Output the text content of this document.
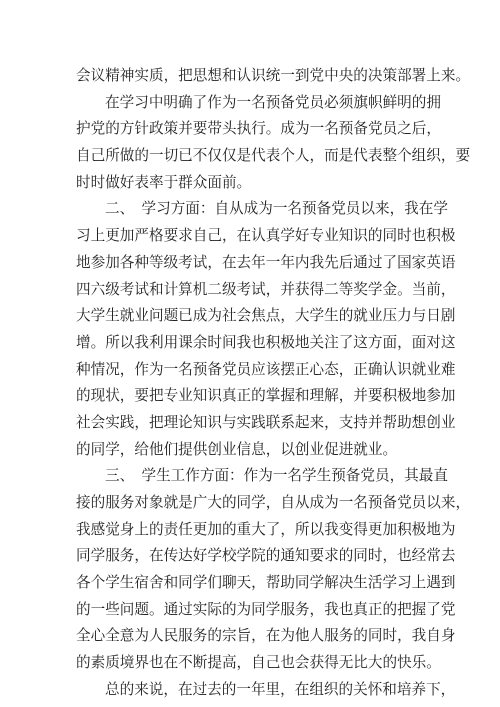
会议精神实质，把思想和认识统一到党中央的决策部署上来。
在学习中明确了作为一名预备党员必须旗帜鲜明的拥
护党的方针政策并要带头执行。成为一名预备党员之后，
自己所做的一切已不仅仅是代表个人，而是代表整个组织，要
时时做好表率于群众面前。
二、　学习方面：自从成为一名预备党员以来，我在学
习上更加严格要求自己，在认真学好专业知识的同时也积极
地参加各种等级考试，在去年一年内我先后通过了国家英语
四六级考试和计算机二级考试，并获得二等奖学金。当前，
大学生就业问题已成为社会焦点，大学生的就业压力与日剧
增。所以我利用课余时间我也积极地关注了这方面，面对这
种情况，作为一名预备党员应该摆正心态，正确认识就业难
的现状，要把专业知识真正的掌握和理解，并要积极地参加
社会实践，把理论知识与实践联系起来，支持并帮助想创业
的同学，给他们提供创业信息，以创业促进就业。
三、　学生工作方面：作为一名学生预备党员，其最直
接的服务对象就是广大的同学，自从成为一名预备党员以来，
我感觉身上的责任更加的重大了，所以我变得更加积极地为
同学服务，在传达好学校学院的通知要求的同时，也经常去
各个学生宿舍和同学们聊天，帮助同学解决生活学习上遇到
的一些问题。通过实际的为同学服务，我也真正的把握了党
全心全意为人民服务的宗旨，在为他人服务的同时，我自身
的素质境界也在不断提高，自己也会获得无比大的快乐。
总的来说，在过去的一年里，在组织的关怀和培养下，
